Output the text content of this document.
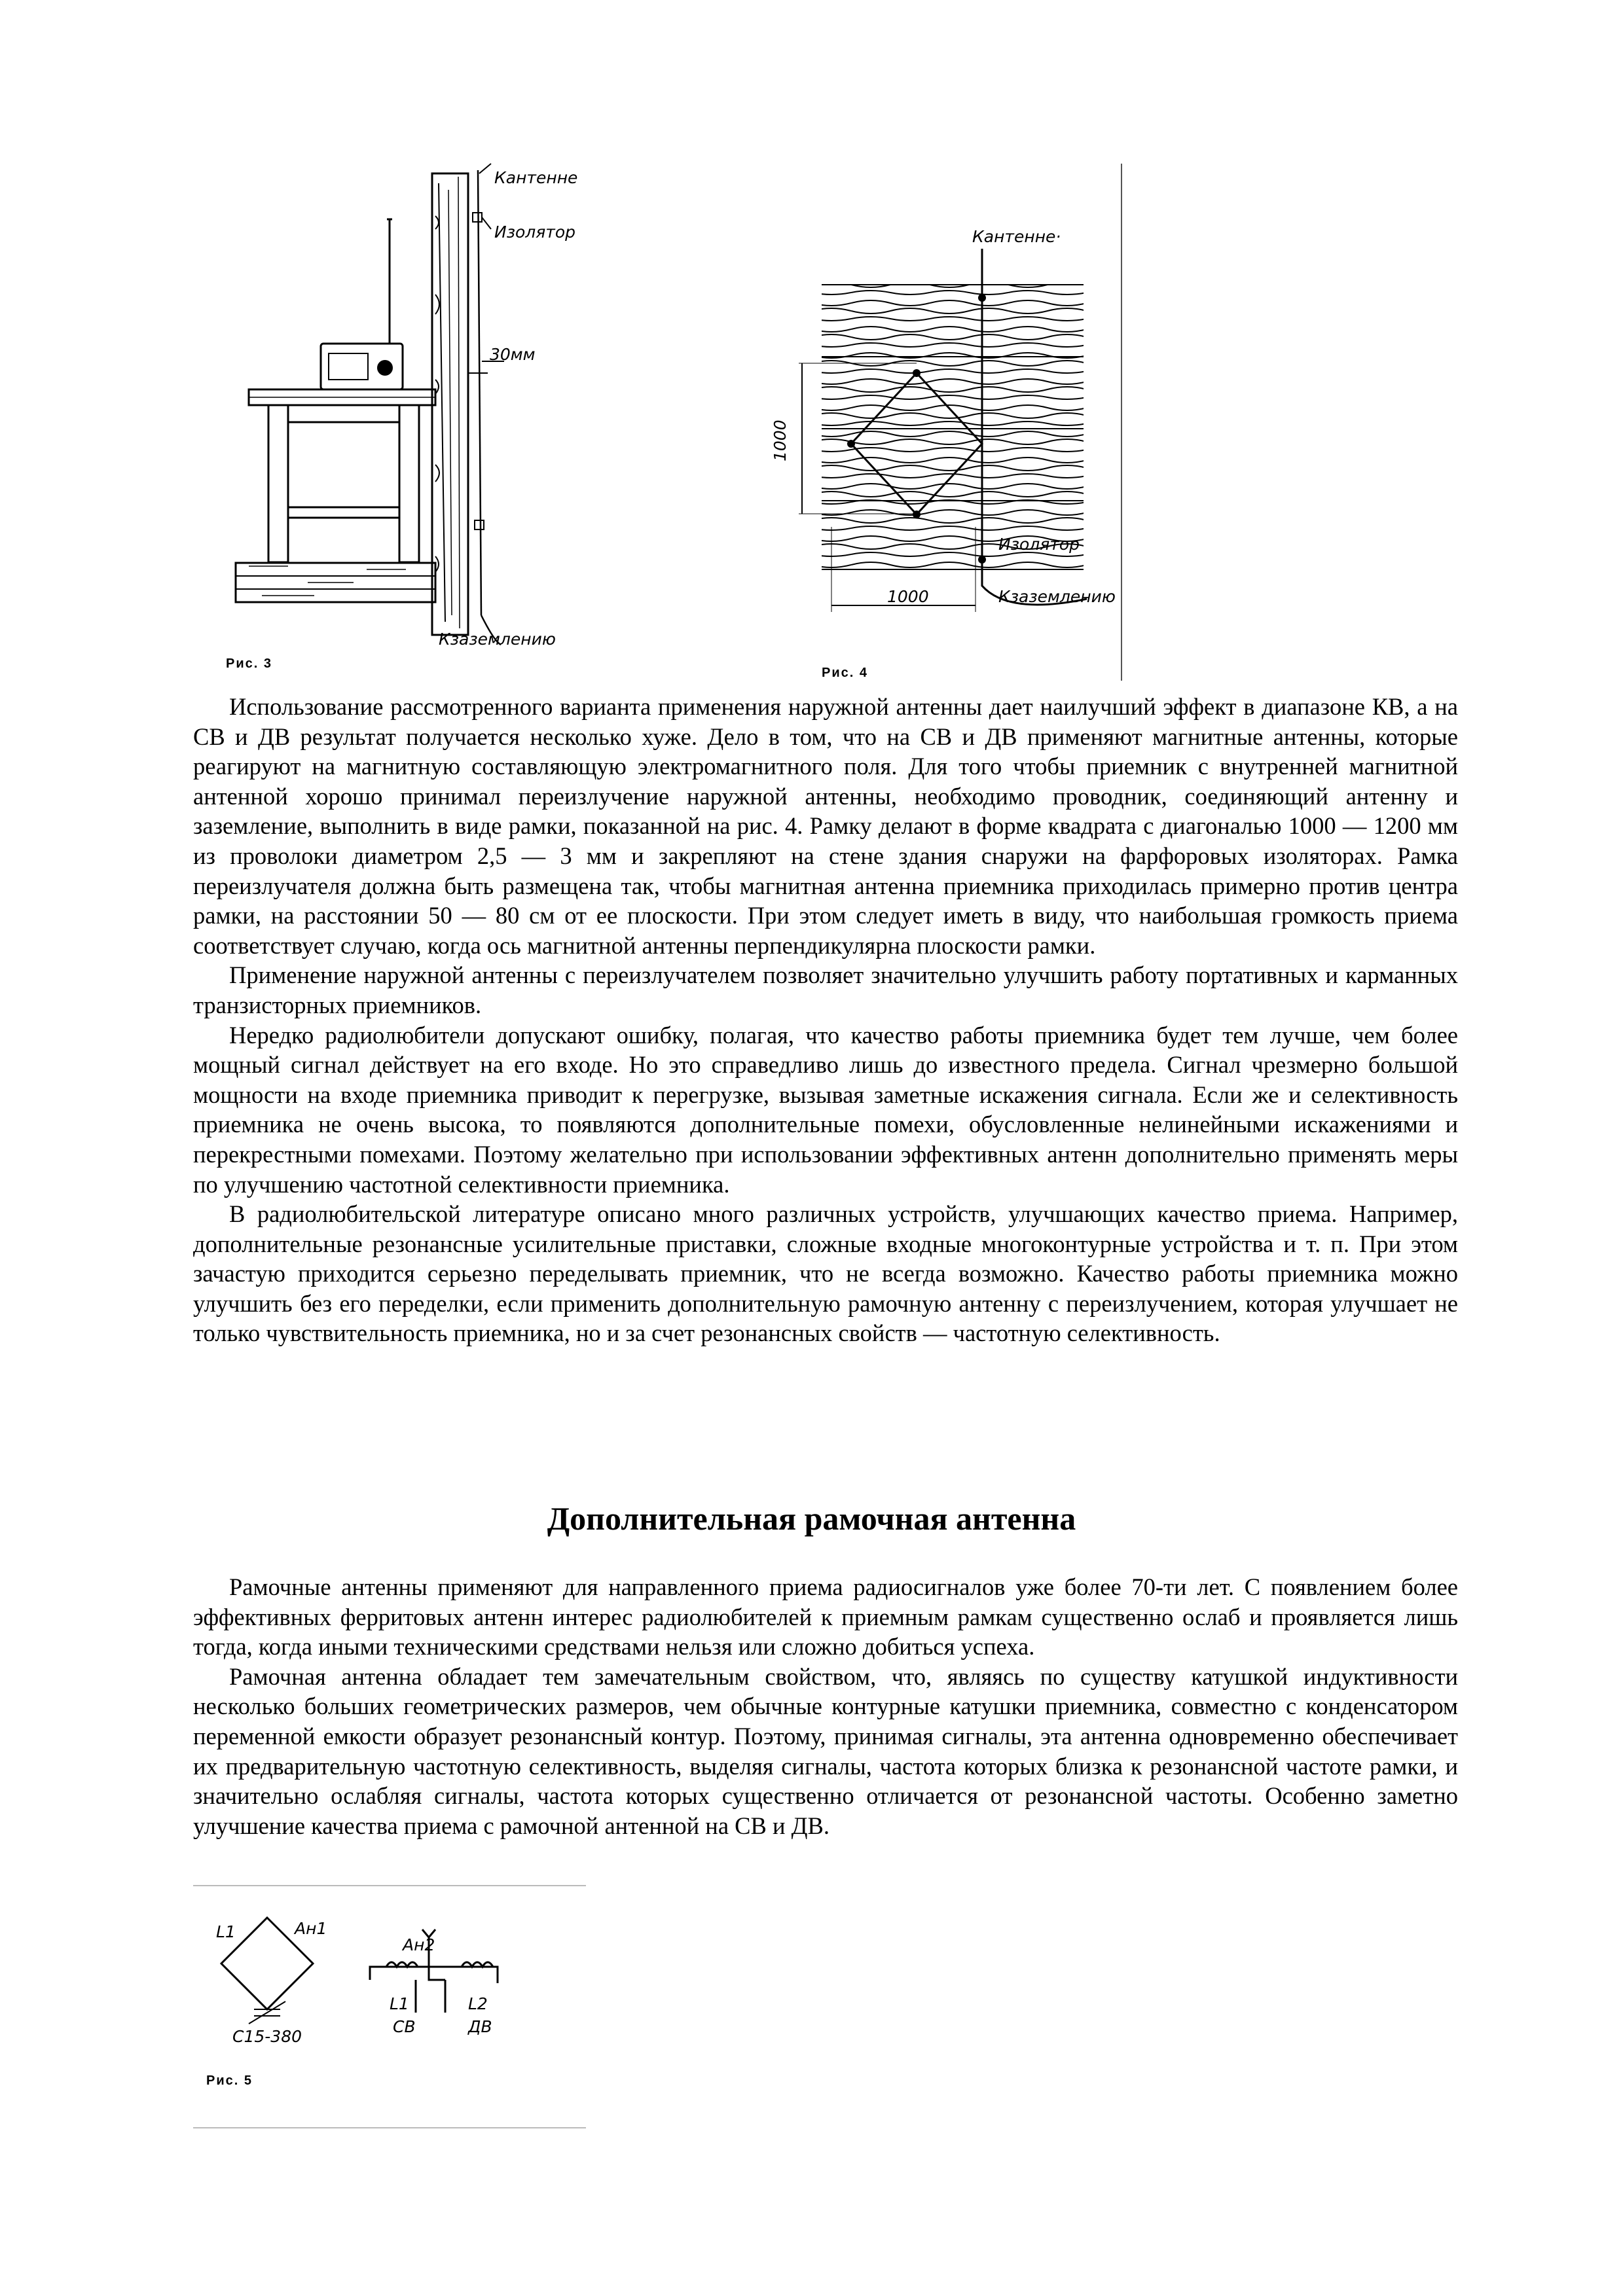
Кантенне
Изолятор
30мм
Кзаземлению
Рис. 3
1000
1000
Кантенне·
Изолятор
Кзаземлению
Рис. 4

Использование рассмотренного варианта применения наружной антенны дает наилучший эффект в диапазоне КВ, а на СВ и ДВ результат получается несколько хуже. Дело в том, что на СВ и ДВ применяют магнитные антенны, которые реагируют на магнитную составляющую электромагнитного поля. Для того чтобы приемник с внутренней магнитной антенной хорошо принимал переизлучение наружной антенны, необходимо проводник, соединяющий антенну и заземление, выполнить в виде рамки, показанной на рис. 4. Рамку делают в форме квадрата с диагональю 1000 — 1200 мм из проволоки диаметром 2,5 — 3 мм и закрепляют на стене здания снаружи на фарфоровых изоляторах. Рамка переизлучателя должна быть размещена так, чтобы магнитная антенна приемника приходилась примерно против центра рамки, на расстоянии 50 — 80 см от ее плоскости. При этом следует иметь в виду, что наибольшая громкость приема соответствует случаю, когда ось магнитной антенны перпендикулярна плоскости рамки.

Применение наружной антенны с переизлучателем позволяет значительно улучшить работу портативных и карманных транзисторных приемников.

Нередко радиолюбители допускают ошибку, полагая, что качество работы приемника будет тем лучше, чем более мощный сигнал действует на его входе. Но это справедливо лишь до известного предела. Сигнал чрезмерно большой мощности на входе приемника приводит к перегрузке, вызывая заметные искажения сигнала. Если же и селективность приемника не очень высока, то появляются дополнительные помехи, обусловленные нелинейными искажениями и перекрестными помехами. Поэтому желательно при использовании эффективных антенн дополнительно применять меры по улучшению частотной селективности приемника.

В радиолюбительской литературе описано много различных устройств, улучшающих качество приема. Например, дополнительные резонансные усилительные приставки, сложные входные многоконтурные устройства и т. п. При этом зачастую приходится серьезно переделывать приемник, что не всегда возможно. Качество работы приемника можно улучшить без его переделки, если применить дополнительную рамочную антенну с переизлучением, которая улучшает не только чувствительность приемника, но и за счет резонансных свойств — частотную селективность.

Дополнительная рамочная антенна

Рамочные антенны применяют для направленного приема радиосигналов уже более 70-ти лет. С появлением более эффективных ферритовых антенн интерес радиолюбителей к приемным рамкам существенно ослаб и проявляется лишь тогда, когда иными техническими средствами нельзя или сложно добиться успеха.

Рамочная антенна обладает тем замечательным свойством, что, являясь по существу катушкой индуктивности несколько больших геометрических размеров, чем обычные контурные катушки приемника, совместно с конденсатором переменной емкости образует резонансный контур. Поэтому, принимая сигналы, эта антенна одновременно обеспечивает их предварительную частотную селективность, выделяя сигналы, частота которых близка к резонансной частоте рамки, и значительно ослабляя сигналы, частота которых существенно отличается от резонансной частоты. Особенно заметно улучшение качества приема с рамочной антенной на СВ и ДВ.

L1	Ан1
С15-380
Ан2
L1
СВ
L2
ДВ
Рис. 5
